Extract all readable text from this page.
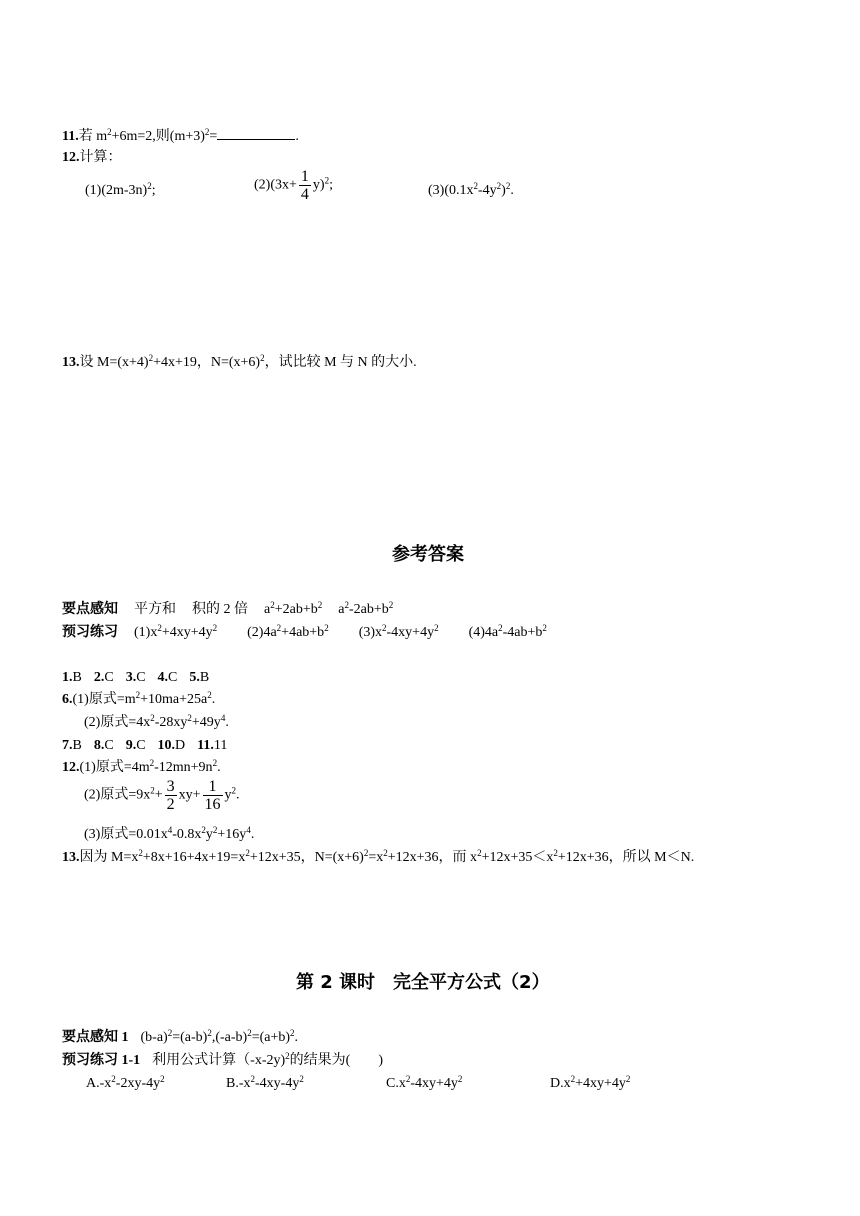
11.若 $m^2+6m=2$,则$(m+3)^2=$	.
12.计算：
$(1)(2m-3n)^2$;	$(2)(3x+ \frac{1}{4} y)^2$;	$(3)(0.1x^2-4y^2)^2$.
13.设 $M=(x+4)^2+4x+19$，$N=(x+6)^2$，试比较 M 与 N 的大小.
参考答案
要点感知 平方和 积的 2 倍 $a^2+2ab+b^2$ $a^2-2ab+b^2$
预习练习 $(1)x^2+4xy+4y^2$ $(2)4a^2+4ab+b^2$ $(3)x^2-4xy+4y^2$ $(4)4a^2-4ab+b^2$
1.B 2.C 3.C 4.C 5.B
6.(1)原式$=m^2+10ma+25a^2$.
(2)原式$=4x^2-28xy^2+49y^4$.
7.B 8.C 9.C 10.D 11.11
12.(1)原式$=4m^2-12mn+9n^2$.
(2)原式$=9x^2+ \frac{3}{2} xy+ \frac{1}{16} y^2$.
(3)原式$=0.01x^4-0.8x^2y^2+16y^4$.
13.因为 $M=x^2+8x+16+4x+19=x^2+12x+35$，$N=(x+6)^2=x^2+12x+36$，而 $x^2+12x+35<x^2+12x+36$，所以 M＜N.
第 2 课时　完全平方公式（2）
要点感知 1 $(b-a)^2=(a-b)^2,(-a-b)^2=(a+b)^2$.
预习练习 1-1 利用公式计算（-x-2y)$^2$的结果为(　　)
$A.-x^2-2xy-4y^2$	$B.-x^2-4xy-4y^2$	$C.x^2-4xy+4y^2$	$D.x^2+4xy+4y^2$
